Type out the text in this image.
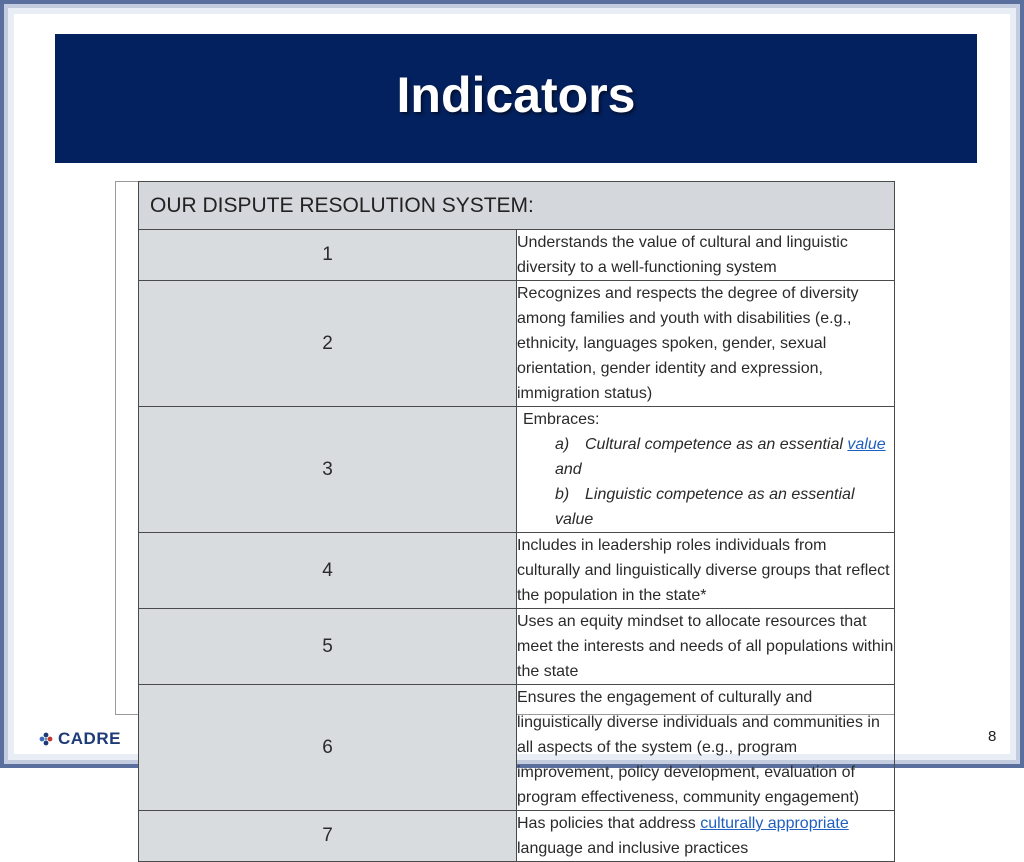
Indicators
OUR DISPUTE RESOLUTION SYSTEM:	
1	Understands the value of cultural and linguistic diversity to a well-functioning system
2	Recognizes and respects the degree of diversity among families and youth with disabilities (e.g., ethnicity, languages spoken, gender, sexual orientation, gender identity and expression, immigration status)
3	Embraces:
a) Cultural competence as an essential value and
b) Linguistic competence as an essential value

4	Includes in leadership roles individuals from culturally and linguistically diverse groups that reflect the population in the state*
5	Uses an equity mindset to allocate resources that meet the interests and needs of all populations within the state
6	Ensures the engagement of culturally and linguistically diverse individuals and communities in all aspects of the system (e.g., program improvement, policy development, evaluation of program effectiveness, community engagement)
7	Has policies that address culturally appropriate language and inclusive practices
CADRE	8
